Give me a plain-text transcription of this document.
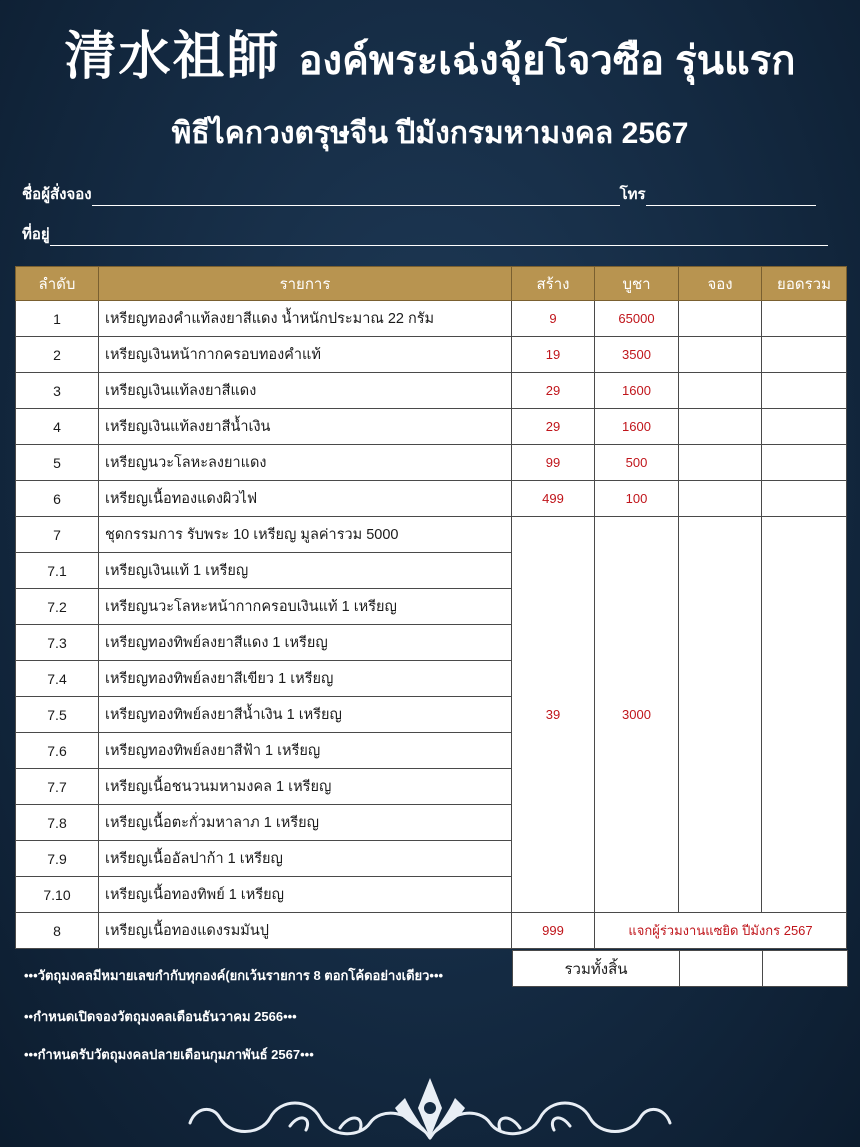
清水祖師 องค์พระเฉ่งจุ้ยโจวซือ รุ่นแรก
พิธีไคกวงตรุษจีน ปีมังกรมหามงคล 2567
ชื่อผู้สั่งจอง	โทร
ที่อยู่
ลำดับ	รายการ	สร้าง	บูชา	จอง	ยอดรวม
1	เหรียญทองคำแท้ลงยาสีแดง น้ำหนักประมาณ 22 กรัม	9	65000		
2	เหรียญเงินหน้ากากครอบทองคำแท้	19	3500		
3	เหรียญเงินแท้ลงยาสีแดง	29	1600		
4	เหรียญเงินแท้ลงยาสีน้ำเงิน	29	1600		
5	เหรียญนวะโลหะลงยาแดง	99	500		
6	เหรียญเนื้อทองแดงผิวไฟ	499	100		
7	ชุดกรรมการ รับพระ 10 เหรียญ มูลค่ารวม 5000	39	3000		
7.1	เหรียญเงินแท้ 1 เหรียญ				
7.2	เหรียญนวะโลหะหน้ากากครอบเงินแท้ 1 เหรียญ				
7.3	เหรียญทองทิพย์ลงยาสีแดง 1 เหรียญ				
7.4	เหรียญทองทิพย์ลงยาสีเขียว 1 เหรียญ				
7.5	เหรียญทองทิพย์ลงยาสีน้ำเงิน 1 เหรียญ				
7.6	เหรียญทองทิพย์ลงยาสีฟ้า 1 เหรียญ				
7.7	เหรียญเนื้อชนวนมหามงคล 1 เหรียญ				
7.8	เหรียญเนื้อตะกั่วมหาลาภ 1 เหรียญ				
7.9	เหรียญเนื้ออัลปาก้า 1 เหรียญ				
7.10	เหรียญเนื้อทองทิพย์ 1 เหรียญ				
8	เหรียญเนื้อทองแดงรมมันปู	999	แจกผู้ร่วมงานแซยิด ปีมังกร 2567		
รวมทั้งสิ้น		
•••วัตถุมงคลมีหมายเลขกำกับทุกองค์(ยกเว้นรายการ 8 ตอกโค้ดอย่างเดียว•••
••กำหนดเปิดจองวัตถุมงคลเดือนธันวาคม 2566•••
•••กำหนดรับวัตถุมงคลปลายเดือนกุมภาพันธ์ 2567•••
